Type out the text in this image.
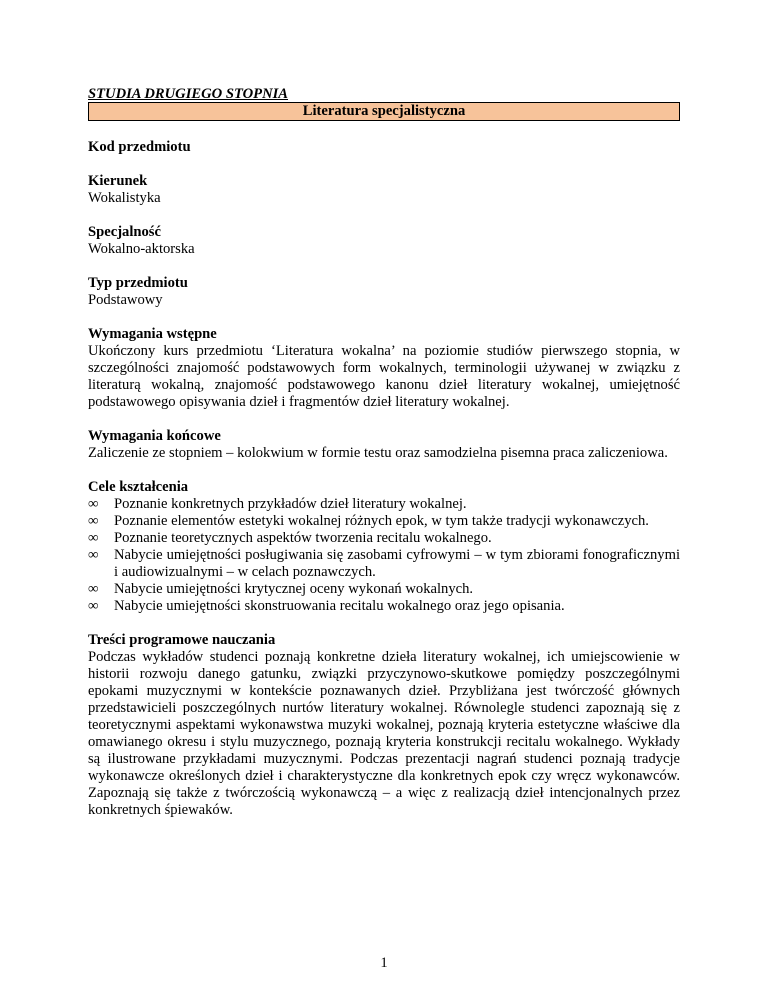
STUDIA DRUGIEGO STOPNIA
Literatura specjalistyczna
Kod przedmiotu
Kierunek
Wokalistyka
Specjalność
Wokalno-aktorska
Typ przedmiotu
Podstawowy
Wymagania wstępne
Ukończony kurs przedmiotu ‘Literatura wokalna’ na poziomie studiów pierwszego stopnia, w szczególności znajomość podstawowych form wokalnych, terminologii używanej w związku z literaturą wokalną, znajomość podstawowego kanonu dzieł literatury wokalnej, umiejętność podstawowego opisywania dzieł i fragmentów dzieł literatury wokalnej.
Wymagania końcowe
Zaliczenie ze stopniem – kolokwium w formie testu oraz samodzielna pisemna praca zaliczeniowa.
Cele kształcenia
∞	Poznanie konkretnych przykładów dzieł literatury wokalnej.
∞	Poznanie elementów estetyki wokalnej różnych epok, w tym także tradycji wykonawczych.
∞	Poznanie teoretycznych aspektów tworzenia recitalu wokalnego.
∞	Nabycie umiejętności posługiwania się zasobami cyfrowymi – w tym zbiorami fonograficznymi i audiowizualnymi – w celach poznawczych.
∞	Nabycie umiejętności krytycznej oceny wykonań wokalnych.
∞	Nabycie umiejętności skonstruowania recitalu wokalnego oraz jego opisania.
Treści programowe nauczania
Podczas wykładów studenci poznają konkretne dzieła literatury wokalnej, ich umiejscowienie w historii rozwoju danego gatunku, związki przyczynowo-skutkowe pomiędzy poszczególnymi epokami muzycznymi w kontekście poznawanych dzieł. Przybliżana jest twórczość głównych przedstawicieli poszczególnych nurtów literatury wokalnej. Równolegle studenci zapoznają się z teoretycznymi aspektami wykonawstwa muzyki wokalnej, poznają kryteria estetyczne właściwe dla omawianego okresu i stylu muzycznego, poznają kryteria konstrukcji recitalu wokalnego. Wykłady są ilustrowane przykładami muzycznymi. Podczas prezentacji nagrań studenci poznają tradycje wykonawcze określonych dzieł i charakterystyczne dla konkretnych epok czy wręcz wykonawców. Zapoznają się także z twórczością wykonawczą – a więc z realizacją dzieł intencjonalnych przez konkretnych śpiewaków.
1
